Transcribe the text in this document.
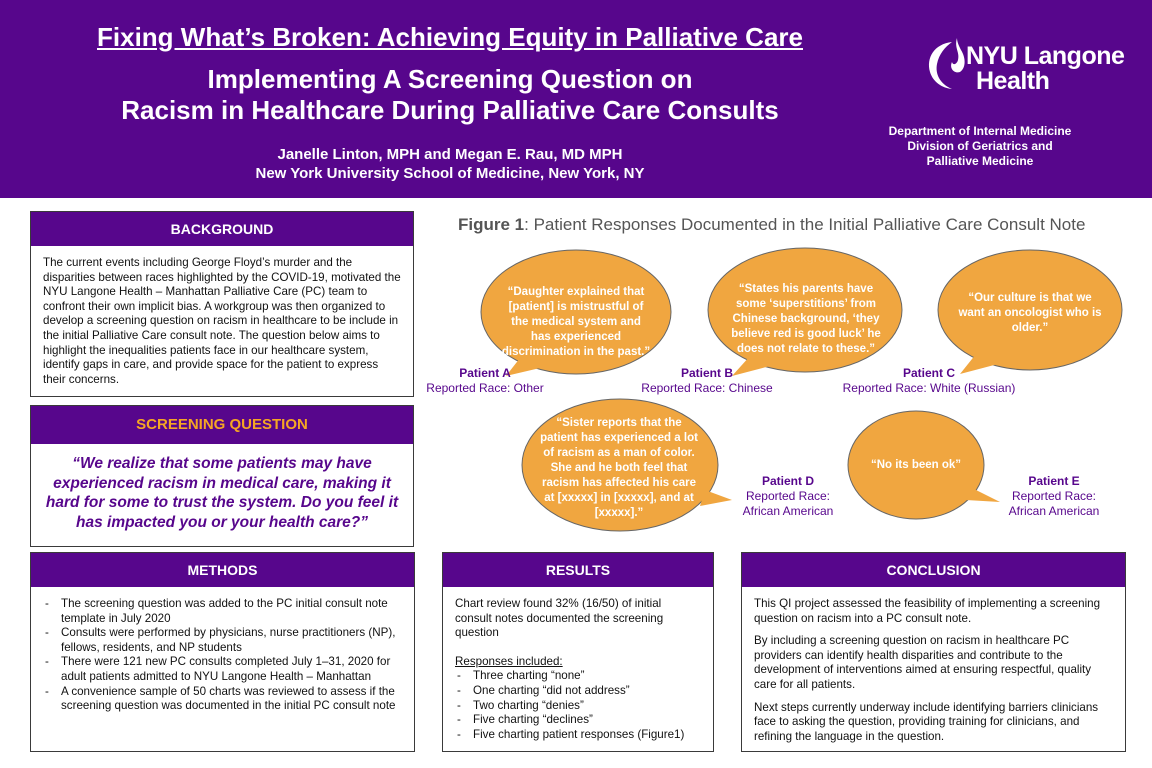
Fixing What’s Broken: Achieving Equity in Palliative Care
Implementing A Screening Question on
Racism in Healthcare During Palliative Care Consults
Janelle Linton, MPH and Megan E. Rau, MD MPH
New York University School of Medicine, New York, NY
NYU Langone
Health
Department of Internal Medicine
Division of Geriatrics and
Palliative Medicine
BACKGROUND
The current events including George Floyd’s murder and the disparities between races highlighted by the COVID-19, motivated the NYU Langone Health – Manhattan Palliative Care (PC) team to confront their own implicit bias. A workgroup was then organized to develop a screening question on racism in healthcare to be include in the initial Palliative Care consult note. The question below aims to highlight the inequalities patients face in our healthcare system, identify gaps in care, and provide space for the patient to express their concerns.
SCREENING QUESTION
“We realize that some patients may have experienced racism in medical care, making it hard for some to trust the system. Do you feel it has impacted you or your health care?”
Figure 1: Patient Responses Documented in the Initial Palliative Care Consult Note
“Daughter explained that [patient] is mistrustful of the medical system and has experienced discrimination in the past.”
“States his parents have some ‘superstitions’ from Chinese background, ‘they believe red is good luck’ he does not relate to these.”
“Our culture is that we want an oncologist who is older.”
“Sister reports that the patient has experienced a lot of racism as a man of color. She and he both feel that racism has affected his care at [xxxxx] in [xxxxx], and at [xxxxx].”
“No its been ok”
Patient A
Reported Race: Other
Patient B
Reported Race: Chinese
Patient C
Reported Race: White (Russian)
Patient D
Reported Race:
African American
Patient E
Reported Race:
African American
METHODS
- The screening question was added to the PC initial consult note template in July 2020
- Consults were performed by physicians, nurse practitioners (NP), fellows, residents, and NP students
- There were 121 new PC consults completed July 1–31, 2020 for adult patients admitted to NYU Langone Health – Manhattan
- A convenience sample of 50 charts was reviewed to assess if the screening question was documented in the initial PC consult note
RESULTS

Chart review found 32% (16/50) of initial consult notes documented the screening question

Responses included:
- Three charting “none”
- One charting “did not address”
- Two charting “denies”
- Five charting “declines”
- Five charting patient responses (Figure1)
CONCLUSION

This QI project assessed the feasibility of implementing a screening question on racism into a PC consult note.

By including a screening question on racism in healthcare PC providers can identify health disparities and contribute to the development of interventions aimed at ensuring respectful, quality care for all patients.

Next steps currently underway include identifying barriers clinicians face to asking the question, providing training for clinicians, and refining the language in the question.
